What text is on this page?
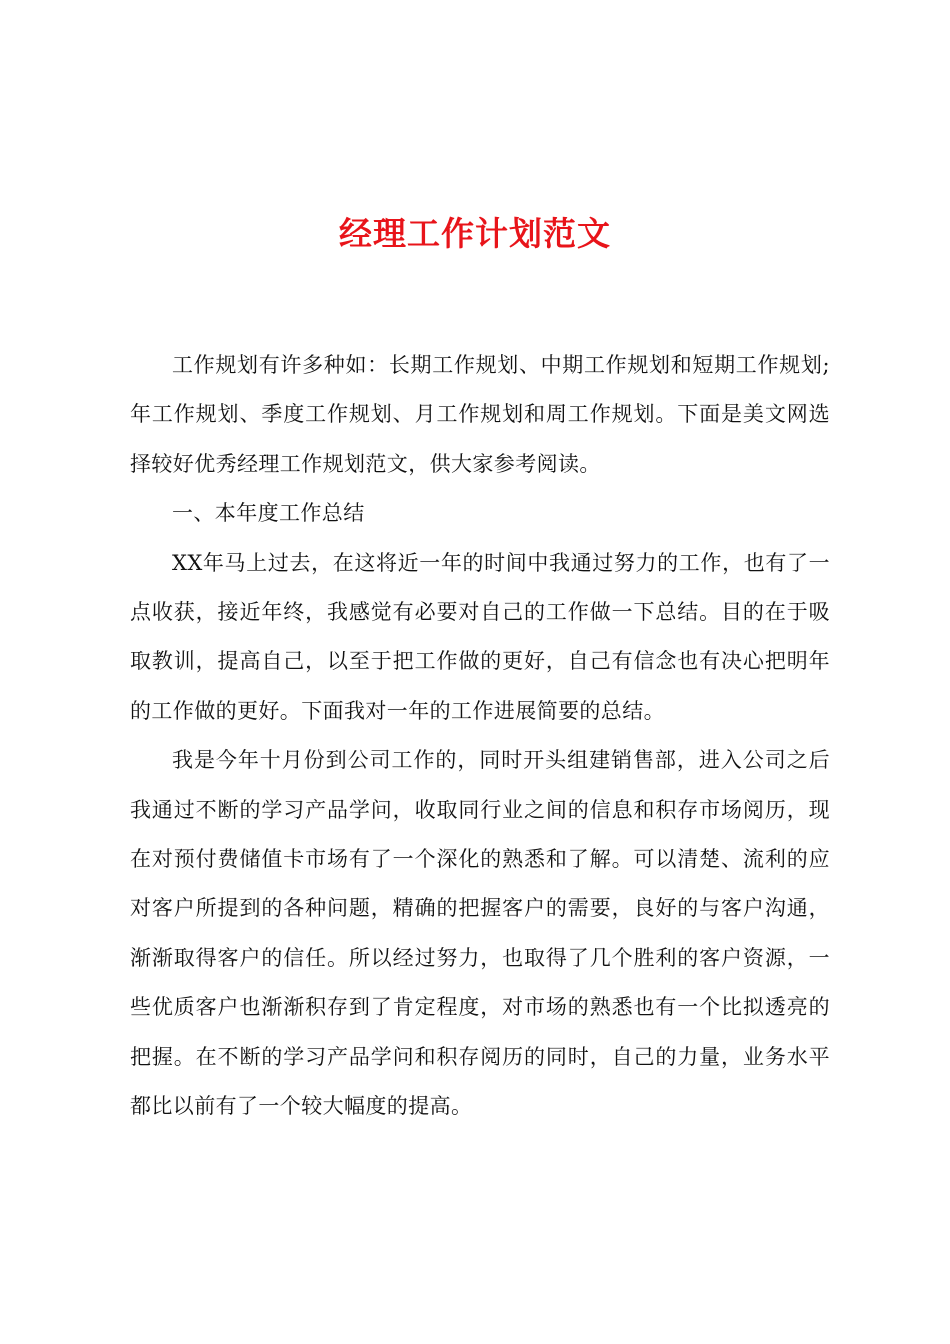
经理工作计划范文

工作规划有许多种如：长期工作规划、中期工作规划和短期工作规划;年工作规划、季度工作规划、月工作规划和周工作规划。下面是美文网选择较好优秀经理工作规划范文，供大家参考阅读。

一、本年度工作总结

XX年马上过去，在这将近一年的时间中我通过努力的工作，也有了一点收获，接近年终，我感觉有必要对自己的工作做一下总结。目的在于吸取教训，提高自己，以至于把工作做的更好，自己有信念也有决心把明年的工作做的更好。下面我对一年的工作进展简要的总结。

我是今年十月份到公司工作的，同时开头组建销售部，进入公司之后我通过不断的学习产品学问，收取同行业之间的信息和积存市场阅历，现在对预付费储值卡市场有了一个深化的熟悉和了解。可以清楚、流利的应对客户所提到的各种问题，精确的把握客户的需要，良好的与客户沟通，渐渐取得客户的信任。所以经过努力，也取得了几个胜利的客户资源，一些优质客户也渐渐积存到了肯定程度，对市场的熟悉也有一个比拟透亮的把握。在不断的学习产品学问和积存阅历的同时，自己的力量，业务水平都比以前有了一个较大幅度的提高。
